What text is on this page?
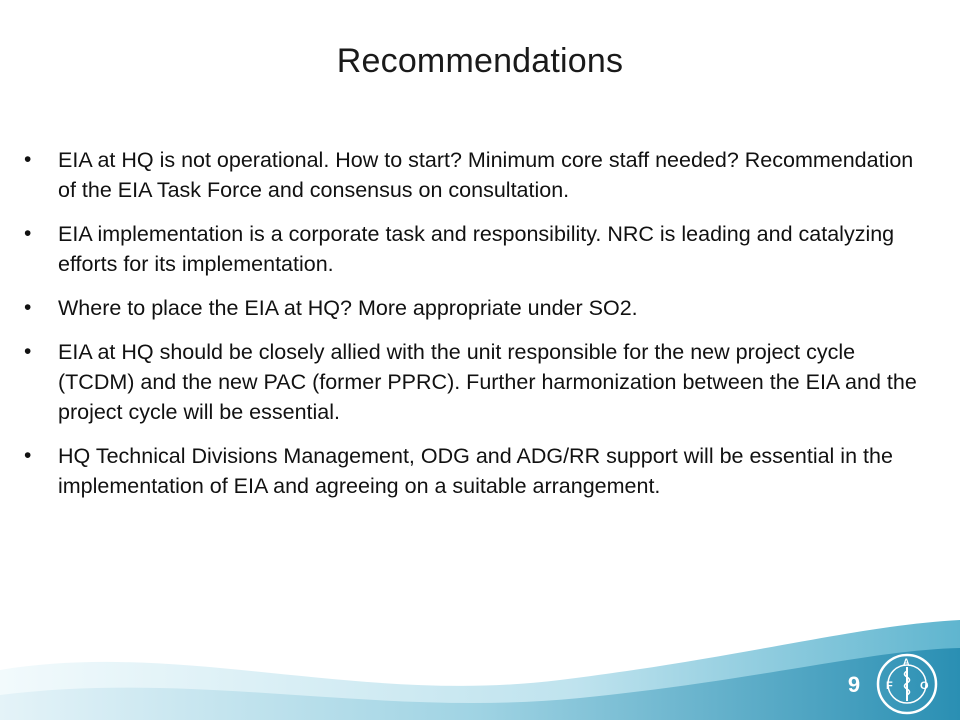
Recommendations
•	EIA at HQ is not operational. How to start? Minimum core staff needed? Recommendation of the EIA Task Force and consensus on consultation.
•	EIA implementation is a corporate task and responsibility. NRC is leading and catalyzing efforts for its implementation.
•	Where to place the EIA at HQ? More appropriate under SO2.
•	EIA at HQ should be closely allied with the unit responsible for the new project cycle (TCDM) and the new PAC (former PPRC). Further harmonization between the EIA and the project cycle will be essential.
•	HQ Technical Divisions Management, ODG and ADG/RR support will be essential in the implementation of EIA and agreeing on a suitable arrangement.
9	F
A
O
